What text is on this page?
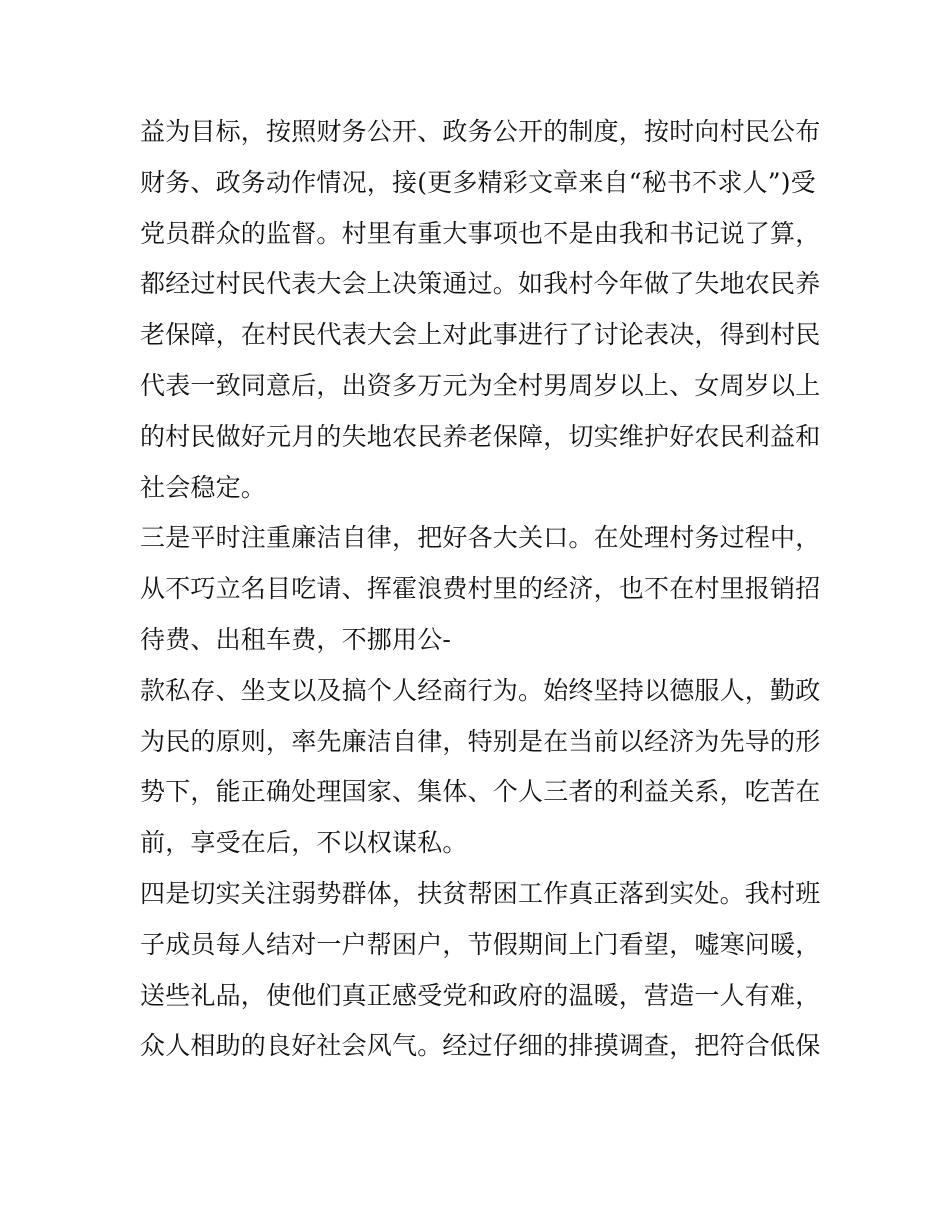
益为目标，按照财务公开、政务公开的制度，按时向村民公布
财务、政务动作情况，接(更多精彩文章来自“秘书不求人”)受
党员群众的监督。村里有重大事项也不是由我和书记说了算，
都经过村民代表大会上决策通过。如我村今年做了失地农民养
老保障，在村民代表大会上对此事进行了讨论表决，得到村民
代表一致同意后，出资多万元为全村男周岁以上、女周岁以上
的村民做好元月的失地农民养老保障，切实维护好农民利益和
社会稳定。
三是平时注重廉洁自律，把好各大关口。在处理村务过程中，
从不巧立名目吃请、挥霍浪费村里的经济，也不在村里报销招
待费、出租车费，不挪用公-
款私存、坐支以及搞个人经商行为。始终坚持以德服人，勤政
为民的原则，率先廉洁自律，特别是在当前以经济为先导的形
势下，能正确处理国家、集体、个人三者的利益关系，吃苦在
前，享受在后，不以权谋私。
四是切实关注弱势群体，扶贫帮困工作真正落到实处。我村班
子成员每人结对一户帮困户，节假期间上门看望，嘘寒问暖，
送些礼品，使他们真正感受党和政府的温暖，营造一人有难，
众人相助的良好社会风气。经过仔细的排摸调查，把符合低保
